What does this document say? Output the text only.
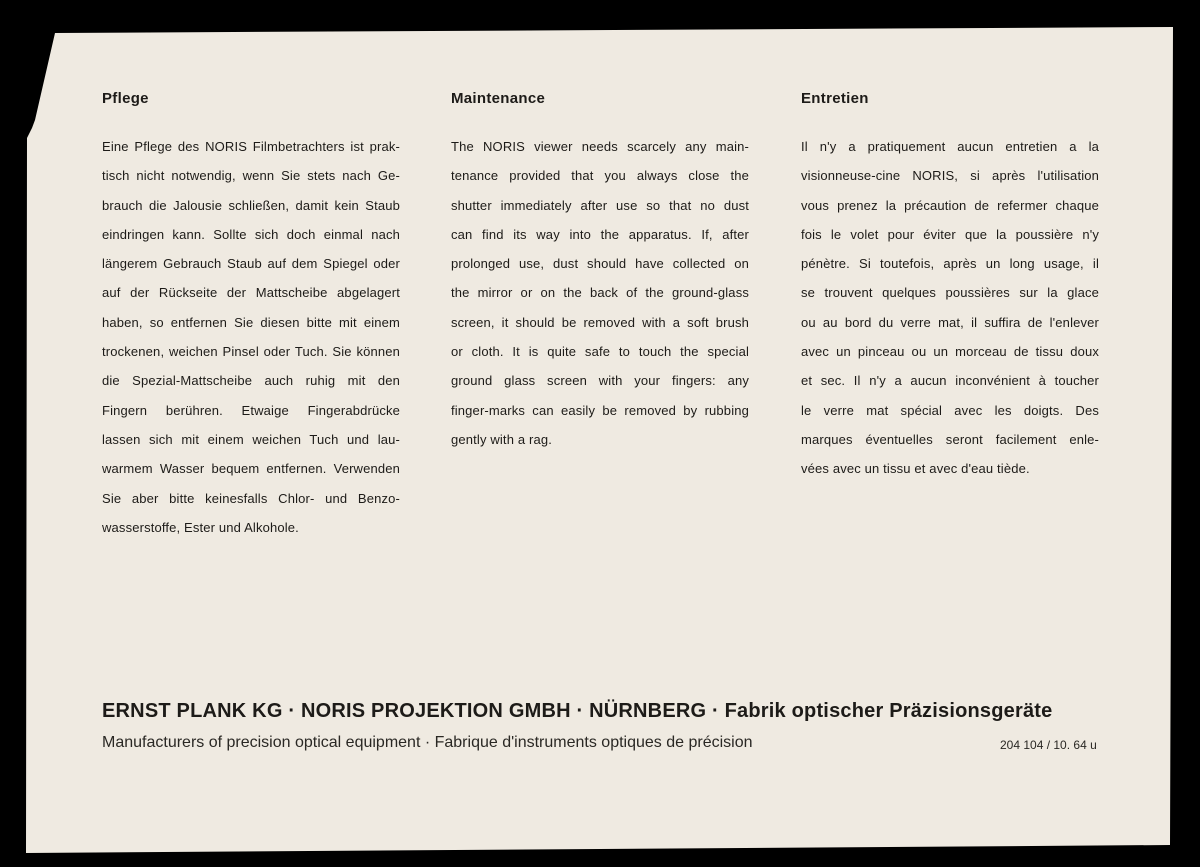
Pflege

Eine Pflege des NORIS Filmbetrachters ist prak-

tisch nicht notwendig, wenn Sie stets nach Ge-

brauch die Jalousie schließen, damit kein Staub

eindringen kann. Sollte sich doch einmal nach

längerem Gebrauch Staub auf dem Spiegel oder

auf der Rückseite der Mattscheibe abgelagert

haben, so entfernen Sie diesen bitte mit einem

trockenen, weichen Pinsel oder Tuch. Sie können

die Spezial-Mattscheibe auch ruhig mit den

Fingern berühren. Etwaige Fingerabdrücke

lassen sich mit einem weichen Tuch und lau-

warmem Wasser bequem entfernen. Verwenden

Sie aber bitte keinesfalls Chlor- und Benzo-

wasserstoffe, Ester und Alkohole.

Maintenance

The NORIS viewer needs scarcely any main-

tenance provided that you always close the

shutter immediately after use so that no dust

can find its way into the apparatus. If, after

prolonged use, dust should have collected on

the mirror or on the back of the ground-glass

screen, it should be removed with a soft brush

or cloth. It is quite safe to touch the special

ground glass screen with your fingers: any

finger-marks can easily be removed by rubbing

gently with a rag.

Entretien

Il n'y a pratiquement aucun entretien a la

visionneuse-cine NORIS, si après l'utilisation

vous prenez la précaution de refermer chaque

fois le volet pour éviter que la poussière n'y

pénètre. Si toutefois, après un long usage, il

se trouvent quelques poussières sur la glace

ou au bord du verre mat, il suffira de l'enlever

avec un pinceau ou un morceau de tissu doux

et sec. Il n'y a aucun inconvénient à toucher

le verre mat spécial avec les doigts. Des

marques éventuelles seront facilement enle-

vées avec un tissu et avec d'eau tiède.

ERNST PLANK KG · NORIS PROJEKTION GMBH · NÜRNBERG · Fabrik optischer Präzisionsgeräte
Manufacturers of precision optical equipment · Fabrique d'instruments optiques de précision	204 104 / 10. 64 u
